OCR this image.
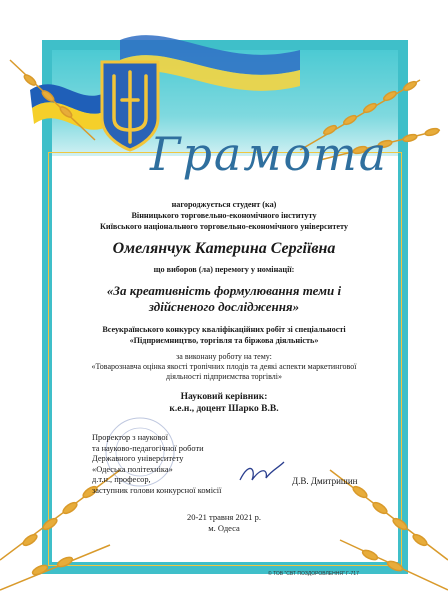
Грамота
нагороджується студент (ка)
Вінницького торговельно-економічного інституту
Київського національного торговельно-економічного університету
Омелянчук Катерина Сергіївна
що виборов (ла) перемогу у номінації:
«За креативність формулювання теми і
здійсненого дослідження»
Всеукраїнського конкурсу кваліфікаційних робіт зі спеціальності
«Підприємництво, торгівля та біржова діяльність»
за виконану роботу на тему:
«Товарознавча оцінка якості тропічних плодів та деякі аспекти маркетингової
діяльності підприємства торгівлі»
Науковий керівник:
к.е.н., доцент Шарко В.В.
Проректор з наукової
та науково-педагогічної роботи
Державного університету
«Одеська політехніка»
д.т.н., професор,
заступник голови конкурсної комісії
Д.В. Дмитришин
20-21 травня 2021 р.
м. Одеса
© ТОВ "СВТ ПОЗДОРОВЛЕННЯ" Г-717
